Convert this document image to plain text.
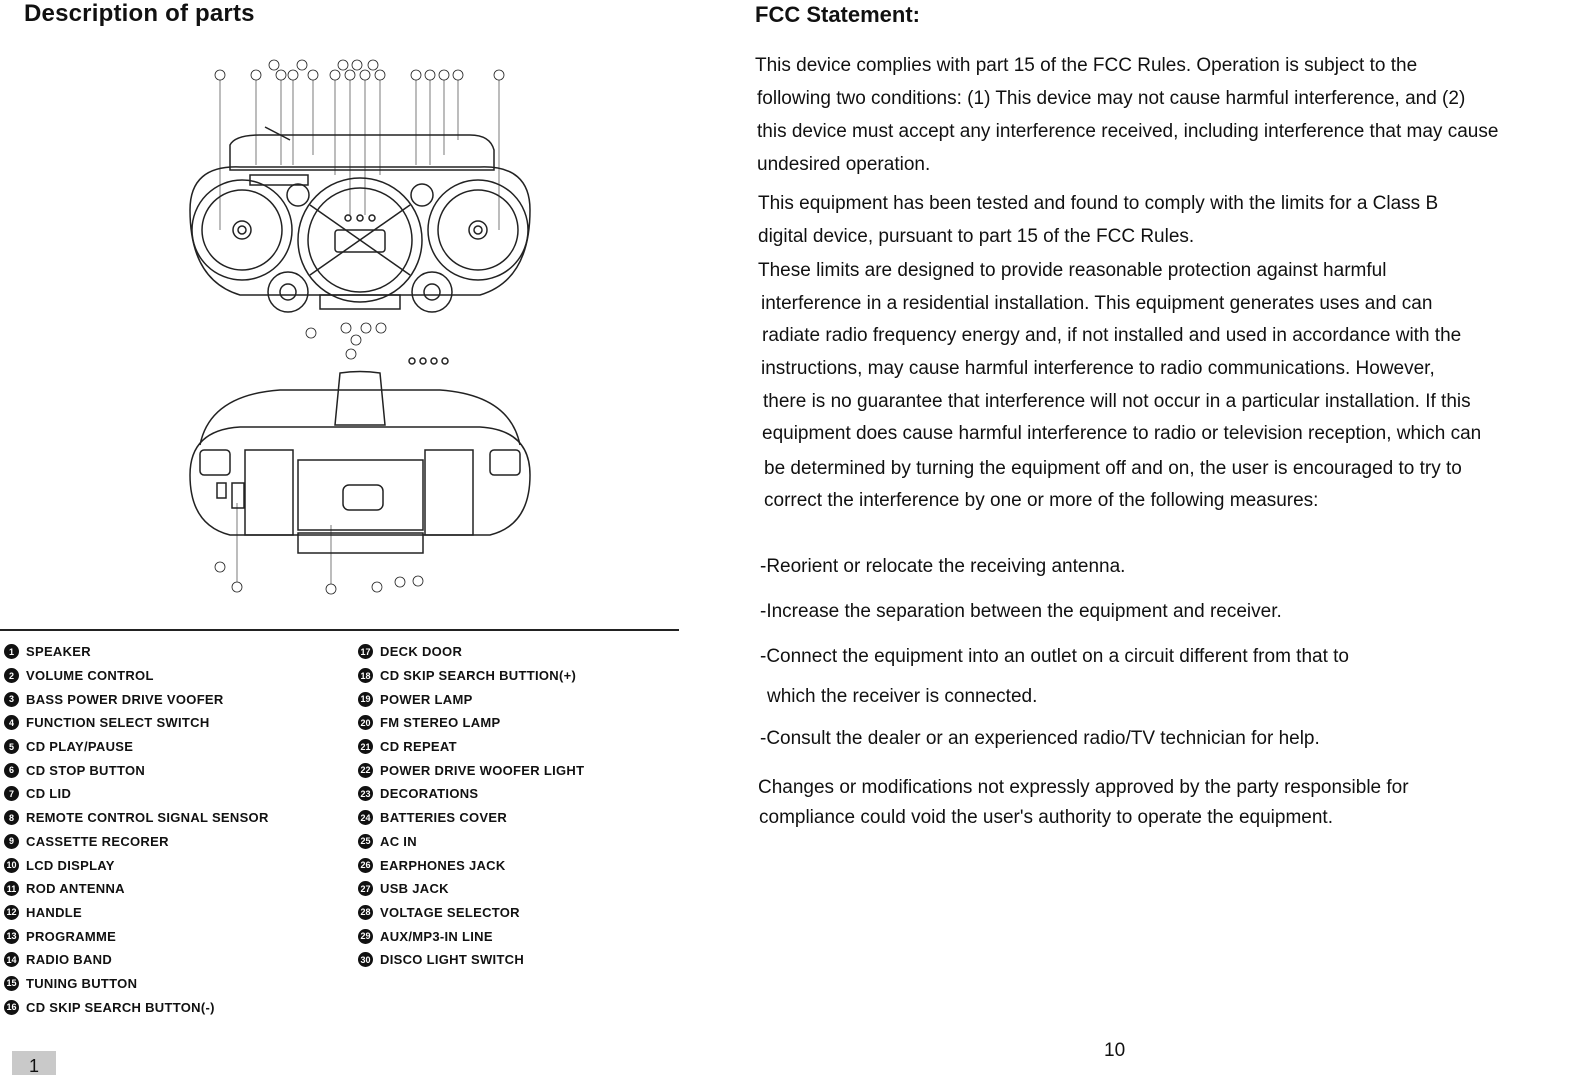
Description of parts
1 SPEAKER
2 VOLUME CONTROL
3 BASS POWER DRIVE VOOFER
4 FUNCTION SELECT SWITCH
5 CD PLAY/PAUSE
6 CD STOP BUTTON
7 CD LID
8 REMOTE CONTROL SIGNAL SENSOR
9 CASSETTE RECORER
10 LCD DISPLAY
11 ROD ANTENNA
12 HANDLE
13 PROGRAMME
14 RADIO BAND
15 TUNING BUTTON
16 CD SKIP SEARCH BUTTON(-)
17 DECK DOOR
18 CD SKIP SEARCH BUTTION(+)
19 POWER LAMP
20 FM STEREO LAMP
21 CD REPEAT
22 POWER DRIVE WOOFER LIGHT
23 DECORATIONS
24 BATTERIES COVER
25 AC IN
26 EARPHONES JACK
27 USB JACK
28 VOLTAGE SELECTOR
29 AUX/MP3-IN LINE
30 DISCO LIGHT SWITCH
1
FCC Statement:

This device complies with part 15 of the FCC Rules. Operation is subject to the

following two conditions: (1) This device may not cause harmful interference, and (2)

this device must accept any interference received, including interference that may cause

undesired operation.

This equipment has been tested and found to comply with the limits for a Class B

digital device, pursuant to part 15 of the FCC Rules.

These limits are designed to provide reasonable protection against harmful

interference in a residential installation. This equipment generates uses and can

radiate radio frequency energy and, if not installed and used in accordance with the

instructions, may cause harmful interference to radio communications. However,

there is no guarantee that interference will not occur in a particular installation. If this

equipment does cause harmful interference to radio or television reception, which can

be determined by turning the equipment off and on, the user is encouraged to try to

correct the interference by one or more of the following measures:

-Reorient or relocate the receiving antenna.

-Increase the separation between the equipment and receiver.

-Connect the equipment into an outlet on a circuit different from that to

which the receiver is connected.

-Consult the dealer or an experienced radio/TV technician for help.

Changes or modifications not expressly approved by the party responsible for

compliance could void the user's authority to operate the equipment.

10
